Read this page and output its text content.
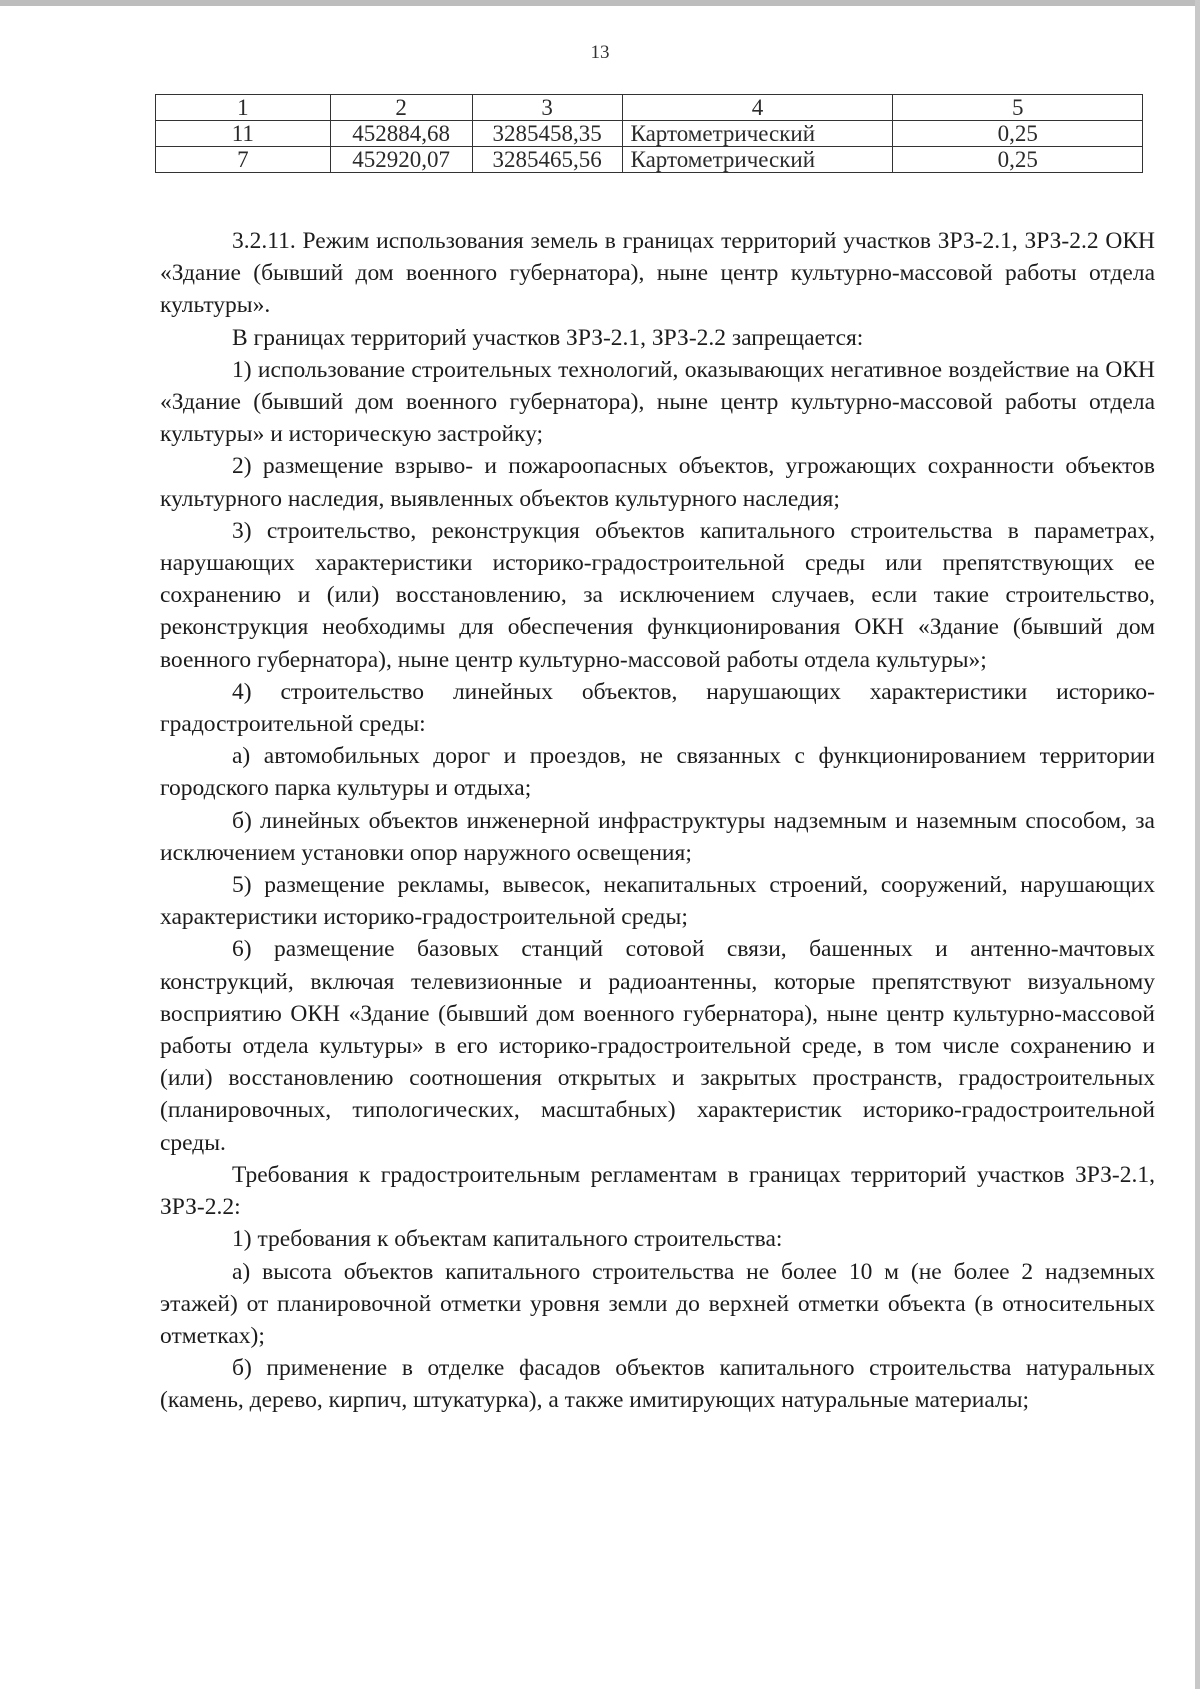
13
1	2	3	4	5
11	452884,68	3285458,35	Картометрический	0,25
7	452920,07	3285465,56	Картометрический	0,25

3.2.11. Режим использования земель в границах территорий участков ЗРЗ-2.1, ЗРЗ-2.2 ОКН «Здание (бывший дом военного губернатора), ныне центр культурно-массовой работы отдела культуры».

В границах территорий участков ЗРЗ-2.1, ЗРЗ-2.2 запрещается:

1) использование строительных технологий, оказывающих негативное воздействие на ОКН «Здание (бывший дом военного губернатора), ныне центр культурно-массовой работы отдела культуры» и историческую застройку;

2) размещение взрыво- и пожароопасных объектов, угрожающих сохранности объектов культурного наследия, выявленных объектов культурного наследия;

3) строительство, реконструкция объектов капитального строительства в параметрах, нарушающих характеристики историко-градостроительной среды или препятствующих ее сохранению и (или) восстановлению, за исключением случаев, если такие строительство, реконструкция необходимы для обеспечения функционирования ОКН «Здание (бывший дом военного губернатора), ныне центр культурно-массовой работы отдела культуры»;

4) строительство линейных объектов, нарушающих характеристики историко-градостроительной среды:

а) автомобильных дорог и проездов, не связанных с функционированием территории городского парка культуры и отдыха;

б) линейных объектов инженерной инфраструктуры надземным и наземным способом, за исключением установки опор наружного освещения;

5) размещение рекламы, вывесок, некапитальных строений, сооружений, нарушающих характеристики историко-градостроительной среды;

6) размещение базовых станций сотовой связи, башенных и антенно-мачтовых конструкций, включая телевизионные и радиоантенны, которые препятствуют визуальному восприятию ОКН «Здание (бывший дом военного губернатора), ныне центр культурно-массовой работы отдела культуры» в его историко-градостроительной среде, в том числе сохранению и (или) восстановлению соотношения открытых и закрытых пространств, градостроительных (планировочных, типологических, масштабных) характеристик историко-градостроительной среды.

Требования к градостроительным регламентам в границах территорий участков ЗРЗ-2.1, ЗРЗ-2.2:

1) требования к объектам капитального строительства:

а) высота объектов капитального строительства не более 10 м (не более 2 надземных этажей) от планировочной отметки уровня земли до верхней отметки объекта (в относительных отметках);

б) применение в отделке фасадов объектов капитального строительства натуральных (камень, дерево, кирпич, штукатурка), а также имитирующих натуральные материалы;
